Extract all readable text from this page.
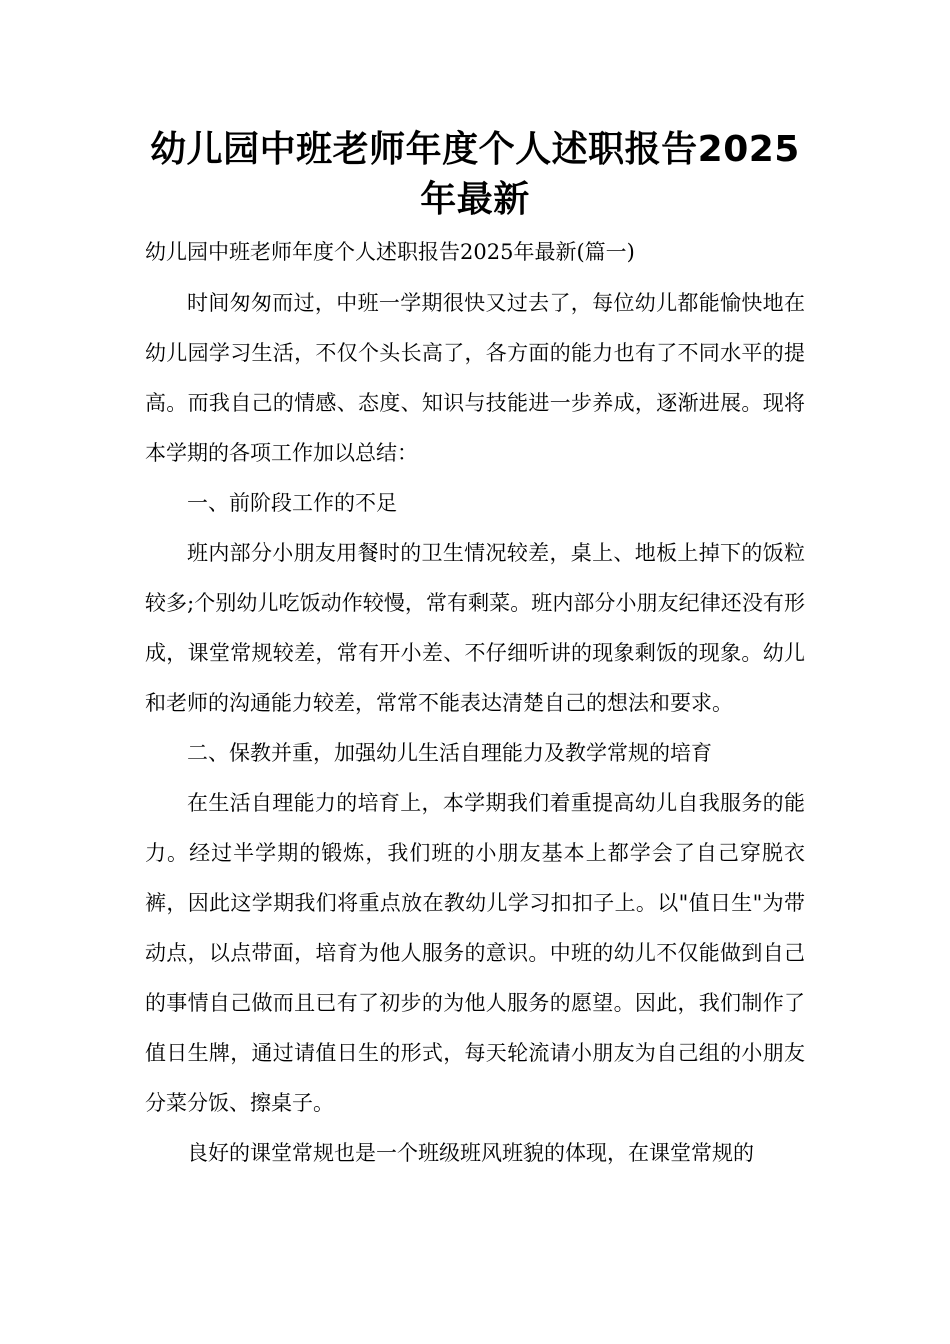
幼儿园中班老师年度个人述职报告2025年最新
幼儿园中班老师年度个人述职报告2025年最新(篇一)

时间匆匆而过，中班一学期很快又过去了，每位幼儿都能愉快地在幼儿园学习生活，不仅个头长高了，各方面的能力也有了不同水平的提高。而我自己的情感、态度、知识与技能进一步养成，逐渐进展。现将本学期的各项工作加以总结：

一、前阶段工作的不足

班内部分小朋友用餐时的卫生情况较差，桌上、地板上掉下的饭粒较多;个别幼儿吃饭动作较慢，常有剩菜。班内部分小朋友纪律还没有形成，课堂常规较差，常有开小差、不仔细听讲的现象剩饭的现象。幼儿和老师的沟通能力较差，常常不能表达清楚自己的想法和要求。

二、保教并重，加强幼儿生活自理能力及教学常规的培育

在生活自理能力的培育上，本学期我们着重提高幼儿自我服务的能力。经过半学期的锻炼，我们班的小朋友基本上都学会了自己穿脱衣裤，因此这学期我们将重点放在教幼儿学习扣扣子上。以"值日生"为带动点，以点带面，培育为他人服务的意识。中班的幼儿不仅能做到自己的事情自己做而且已有了初步的为他人服务的愿望。因此，我们制作了值日生牌，通过请值日生的形式，每天轮流请小朋友为自己组的小朋友分菜分饭、擦桌子。

良好的课堂常规也是一个班级班风班貌的体现，在课堂常规的
